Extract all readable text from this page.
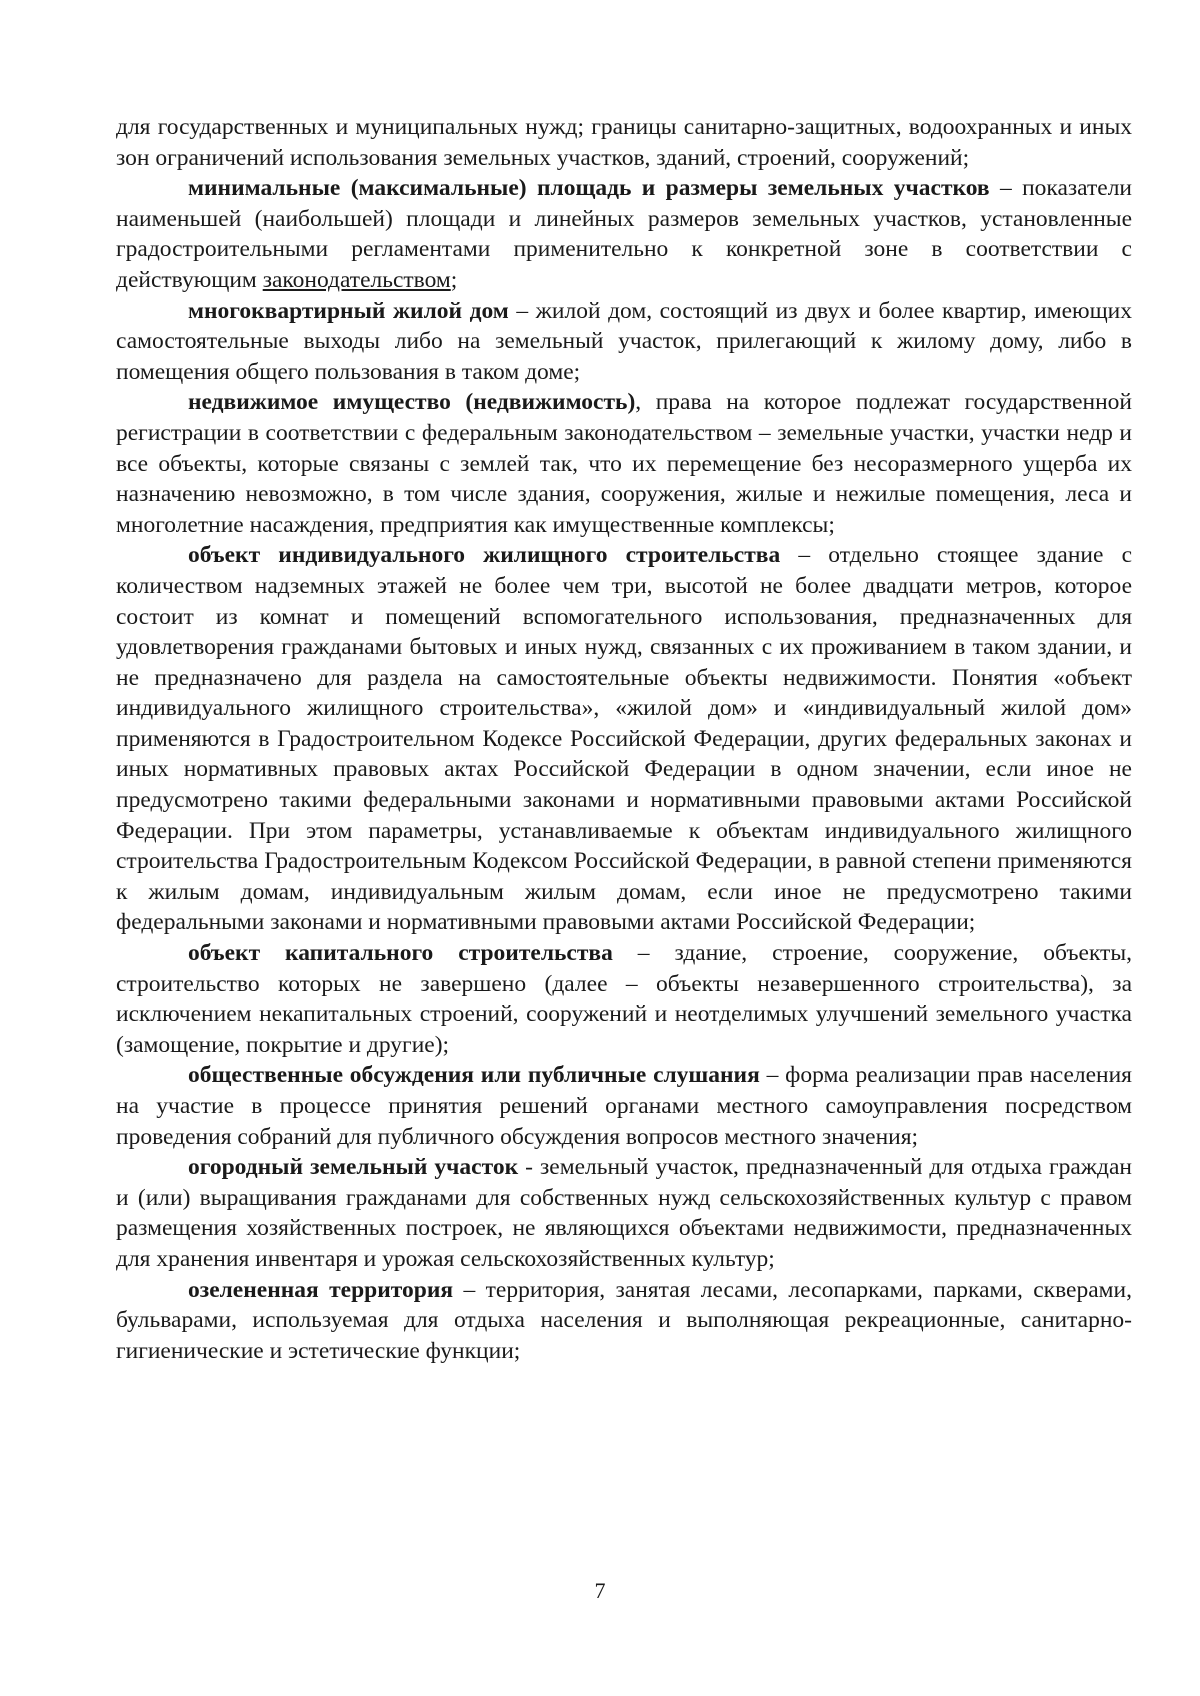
для государственных и муниципальных нужд; границы санитарно-защитных, водоохранных и иных зон ограничений использования земельных участков, зданий, строений, сооружений;

минимальные (максимальные) площадь и размеры земельных участков – показатели наименьшей (наибольшей) площади и линейных размеров земельных участков, установленные градостроительными регламентами применительно к конкретной зоне в соответствии с действующим законодательством;

многоквартирный жилой дом – жилой дом, состоящий из двух и более квартир, имеющих самостоятельные выходы либо на земельный участок, прилегающий к жилому дому, либо в помещения общего пользования в таком доме;

недвижимое имущество (недвижимость), права на которое подлежат государственной регистрации в соответствии с федеральным законодательством – земельные участки, участки недр и все объекты, которые связаны с землей так, что их перемещение без несоразмерного ущерба их назначению невозможно, в том числе здания, сооружения, жилые и нежилые помещения, леса и многолетние насаждения, предприятия как имущественные комплексы;

объект индивидуального жилищного строительства – отдельно стоящее здание с количеством надземных этажей не более чем три, высотой не более двадцати метров, которое состоит из комнат и помещений вспомогательного использования, предназначенных для удовлетворения гражданами бытовых и иных нужд, связанных с их проживанием в таком здании, и не предназначено для раздела на самостоятельные объекты недвижимости. Понятия «объект индивидуального жилищного строительства», «жилой дом» и «индивидуальный жилой дом» применяются в Градостроительном Кодексе Российской Федерации, других федеральных законах и иных нормативных правовых актах Российской Федерации в одном значении, если иное не предусмотрено такими федеральными законами и нормативными правовыми актами Российской Федерации. При этом параметры, устанавливаемые к объектам индивидуального жилищного строительства Градостроительным Кодексом Российской Федерации, в равной степени применяются к жилым домам, индивидуальным жилым домам, если иное не предусмотрено такими федеральными законами и нормативными правовыми актами Российской Федерации;

объект капитального строительства – здание, строение, сооружение, объекты, строительство которых не завершено (далее – объекты незавершенного строительства), за исключением некапитальных строений, сооружений и неотделимых улучшений земельного участка (замощение, покрытие и другие);

общественные обсуждения или публичные слушания – форма реализации прав населения на участие в процессе принятия решений органами местного самоуправления посредством проведения собраний для публичного обсуждения вопросов местного значения;

огородный земельный участок - земельный участок, предназначенный для отдыха граждан и (или) выращивания гражданами для собственных нужд сельскохозяйственных культур с правом размещения хозяйственных построек, не являющихся объектами недвижимости, предназначенных для хранения инвентаря и урожая сельскохозяйственных культур;

озелененная территория – территория, занятая лесами, лесопарками, парками, скверами, бульварами, используемая для отдыха населения и выполняющая рекреационные, санитарно-гигиенические и эстетические функции;

7
